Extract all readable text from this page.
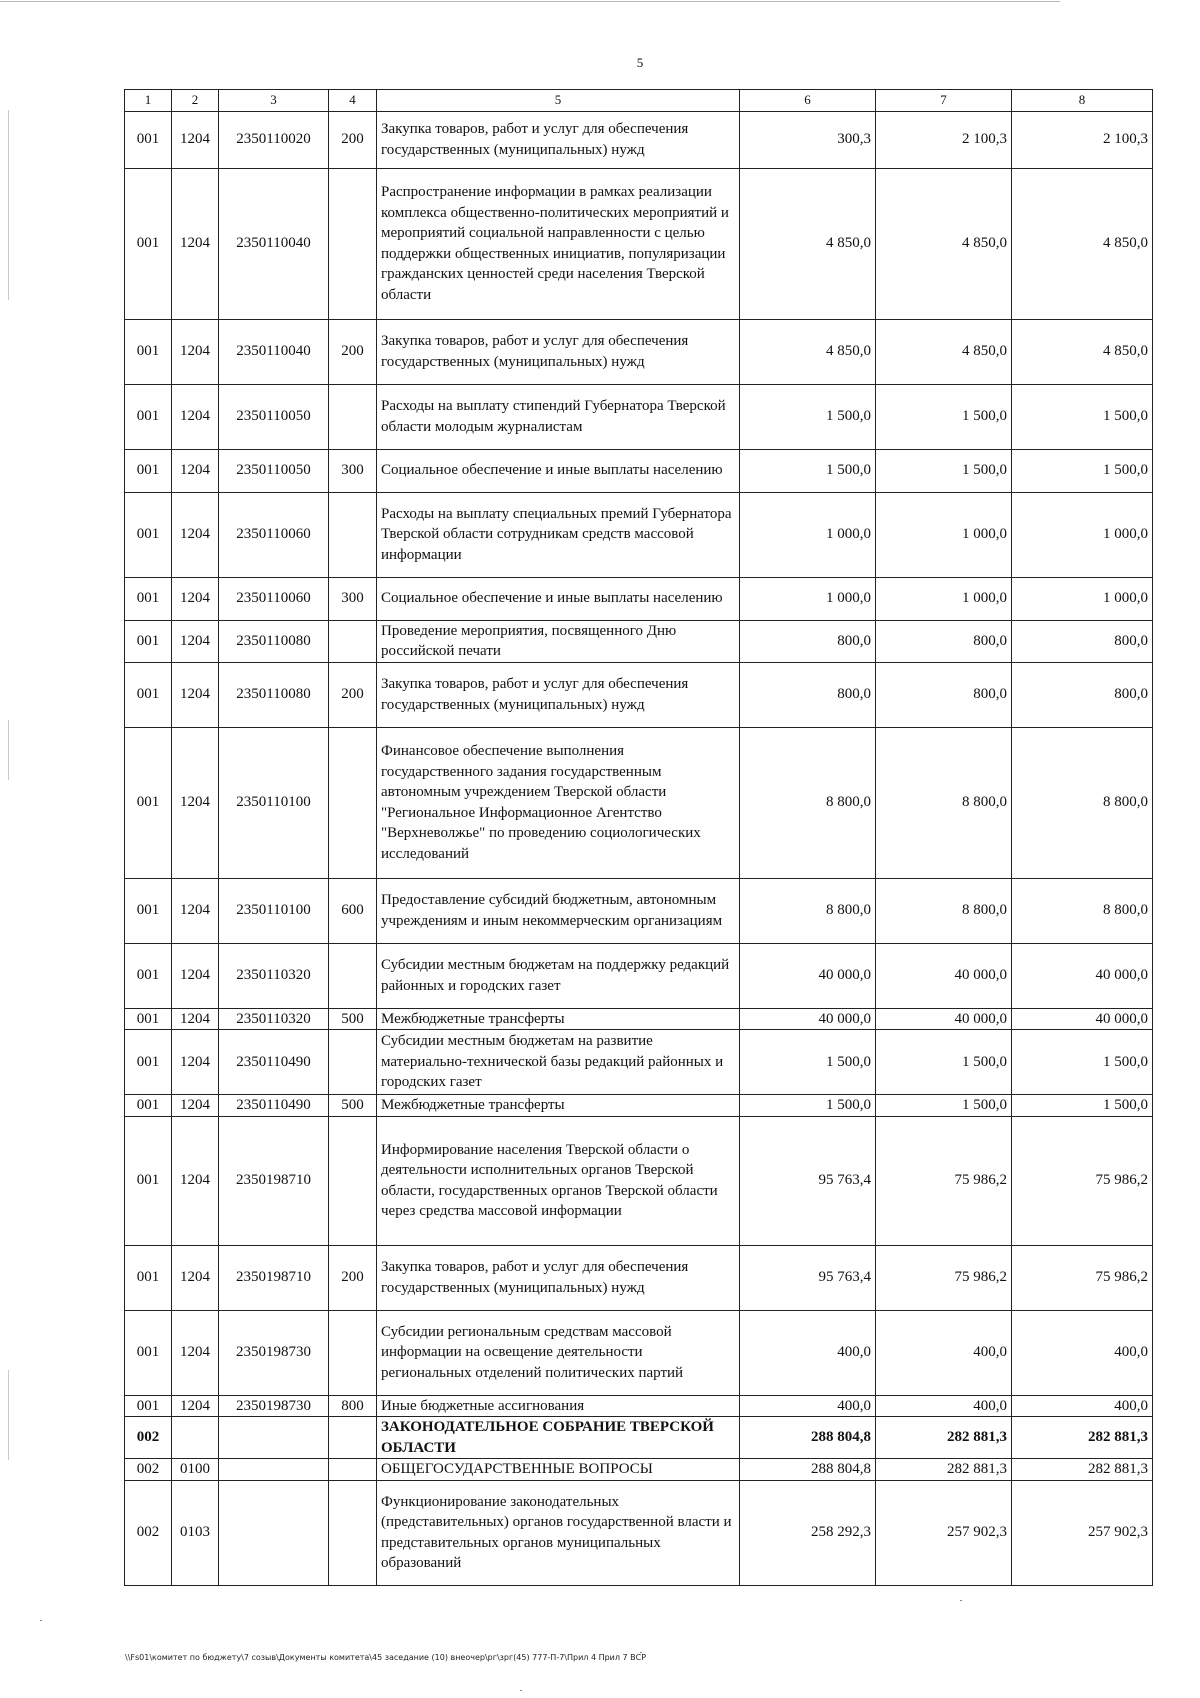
5
1	2	3	4	5	6	7	8
001	1204	2350110020	200	Закупка товаров, работ и услуг для обеспечения государственных (муниципальных) нужд	300,3	2 100,3	2 100,3
001	1204	2350110040		Распространение информации в рамках реализации комплекса общественно-политических мероприятий и мероприятий социальной направленности с целью поддержки общественных инициатив, популяризации гражданских ценностей среди населения Тверской области	4 850,0	4 850,0	4 850,0
001	1204	2350110040	200	Закупка товаров, работ и услуг для обеспечения государственных (муниципальных) нужд	4 850,0	4 850,0	4 850,0
001	1204	2350110050		Расходы на выплату стипендий Губернатора Тверской области молодым журналистам	1 500,0	1 500,0	1 500,0
001	1204	2350110050	300	Социальное обеспечение и иные выплаты населению	1 500,0	1 500,0	1 500,0
001	1204	2350110060		Расходы на выплату специальных премий Губернатора Тверской области сотрудникам средств массовой информации	1 000,0	1 000,0	1 000,0
001	1204	2350110060	300	Социальное обеспечение и иные выплаты населению	1 000,0	1 000,0	1 000,0
001	1204	2350110080		Проведение мероприятия, посвященного Дню российской печати	800,0	800,0	800,0
001	1204	2350110080	200	Закупка товаров, работ и услуг для обеспечения государственных (муниципальных) нужд	800,0	800,0	800,0
001	1204	2350110100		Финансовое обеспечение выполнения государственного задания государственным автономным учреждением Тверской области "Региональное Информационное Агентство "Верхневолжье" по проведению социологических исследований	8 800,0	8 800,0	8 800,0
001	1204	2350110100	600	Предоставление субсидий бюджетным, автономным учреждениям и иным некоммерческим организациям	8 800,0	8 800,0	8 800,0
001	1204	2350110320		Субсидии местным бюджетам на поддержку редакций районных и городских газет	40 000,0	40 000,0	40 000,0
001	1204	2350110320	500	Межбюджетные трансферты	40 000,0	40 000,0	40 000,0
001	1204	2350110490		Субсидии местным бюджетам на развитие материально-технической базы редакций районных и городских газет	1 500,0	1 500,0	1 500,0
001	1204	2350110490	500	Межбюджетные трансферты	1 500,0	1 500,0	1 500,0
001	1204	2350198710		Информирование населения Тверской области о деятельности исполнительных органов Тверской области, государственных органов Тверской области через средства массовой информации	95 763,4	75 986,2	75 986,2
001	1204	2350198710	200	Закупка товаров, работ и услуг для обеспечения государственных (муниципальных) нужд	95 763,4	75 986,2	75 986,2
001	1204	2350198730		Субсидии региональным средствам массовой информации на освещение деятельности региональных отделений политических партий	400,0	400,0	400,0
001	1204	2350198730	800	Иные бюджетные ассигнования	400,0	400,0	400,0
002				ЗАКОНОДАТЕЛЬНОЕ СОБРАНИЕ ТВЕРСКОЙ ОБЛАСТИ	288 804,8	282 881,3	282 881,3
002	0100			ОБЩЕГОСУДАРСТВЕННЫЕ ВОПРОСЫ	288 804,8	282 881,3	282 881,3
002	0103			Функционирование законодательных (представительных) органов государственной власти и представительных органов муниципальных образований	258 292,3	257 902,3	257 902,3
\\Fs01\комитет по бюджету\7 созыв\Документы комитета\45 заседание (10) внеочер\рг\зрг(45) 777-П-7\Прил 4 Прил 7 ВСР
